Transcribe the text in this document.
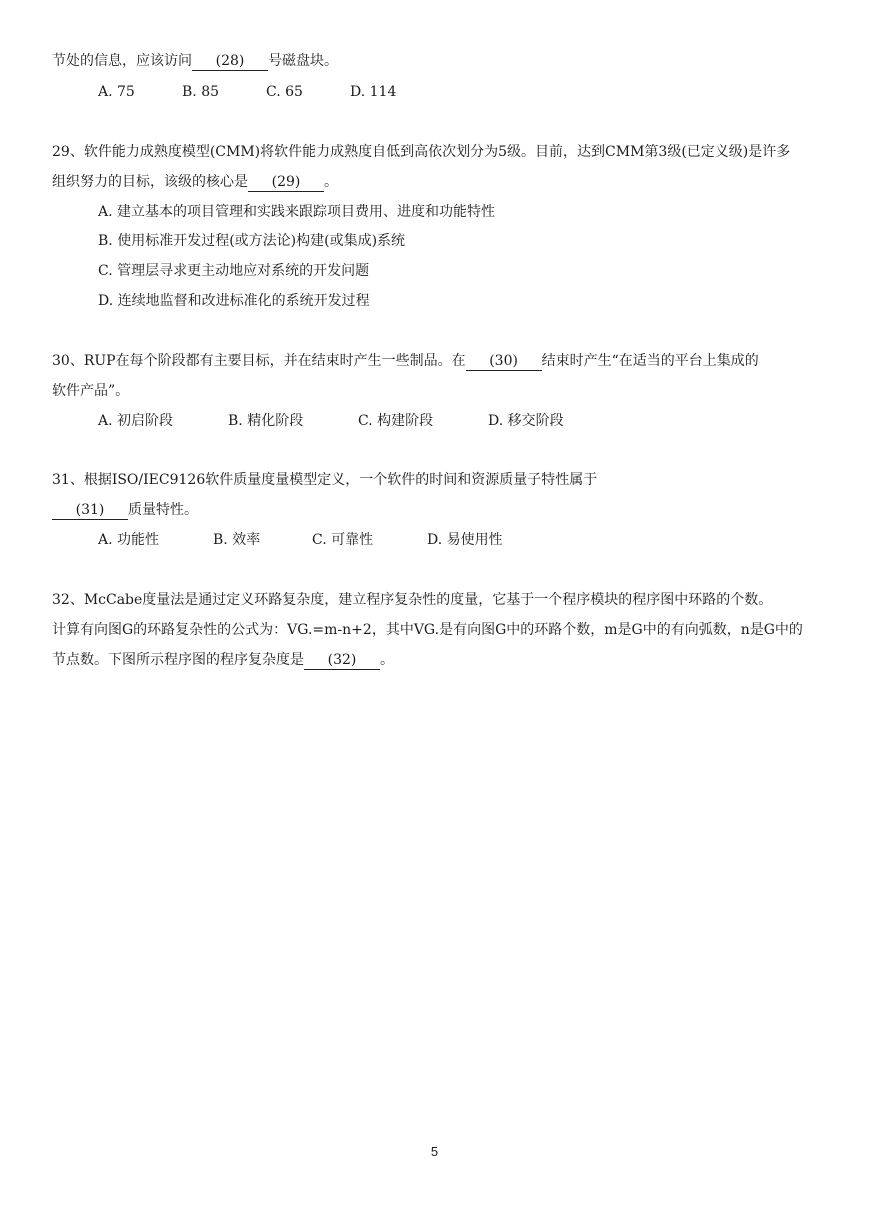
节处的信息，应该访问 (28) 号磁盘块。
A. 75	B. 85	C. 65	D. 114
29、软件能力成熟度模型(CMM)将软件能力成熟度自低到高依次划分为5级。目前，达到CMM第3级(已定义级)是许多
组织努力的目标，该级的核心是 (29) 。
A. 建立基本的项目管理和实践来跟踪项目费用、进度和功能特性
B. 使用标准开发过程(或方法论)构建(或集成)系统
C. 管理层寻求更主动地应对系统的开发问题
D. 连续地监督和改进标准化的系统开发过程
30、RUP在每个阶段都有主要目标，并在结束时产生一些制品。在 (30) 结束时产生“在适当的平台上集成的
软件产品”。
A. 初启阶段	B. 精化阶段	C. 构建阶段	D. 移交阶段
31、根据ISO/IEC9126软件质量度量模型定义，一个软件的时间和资源质量子特性属于
(31) 质量特性。
A. 功能性	B. 效率	C. 可靠性	D. 易使用性
32、McCabe度量法是通过定义环路复杂度，建立程序复杂性的度量，它基于一个程序模块的程序图中环路的个数。
计算有向图G的环路复杂性的公式为：VG.=m-n+2，其中VG.是有向图G中的环路个数，m是G中的有向弧数，n是G中的
节点数。下图所示程序图的程序复杂度是 (32) 。
5
